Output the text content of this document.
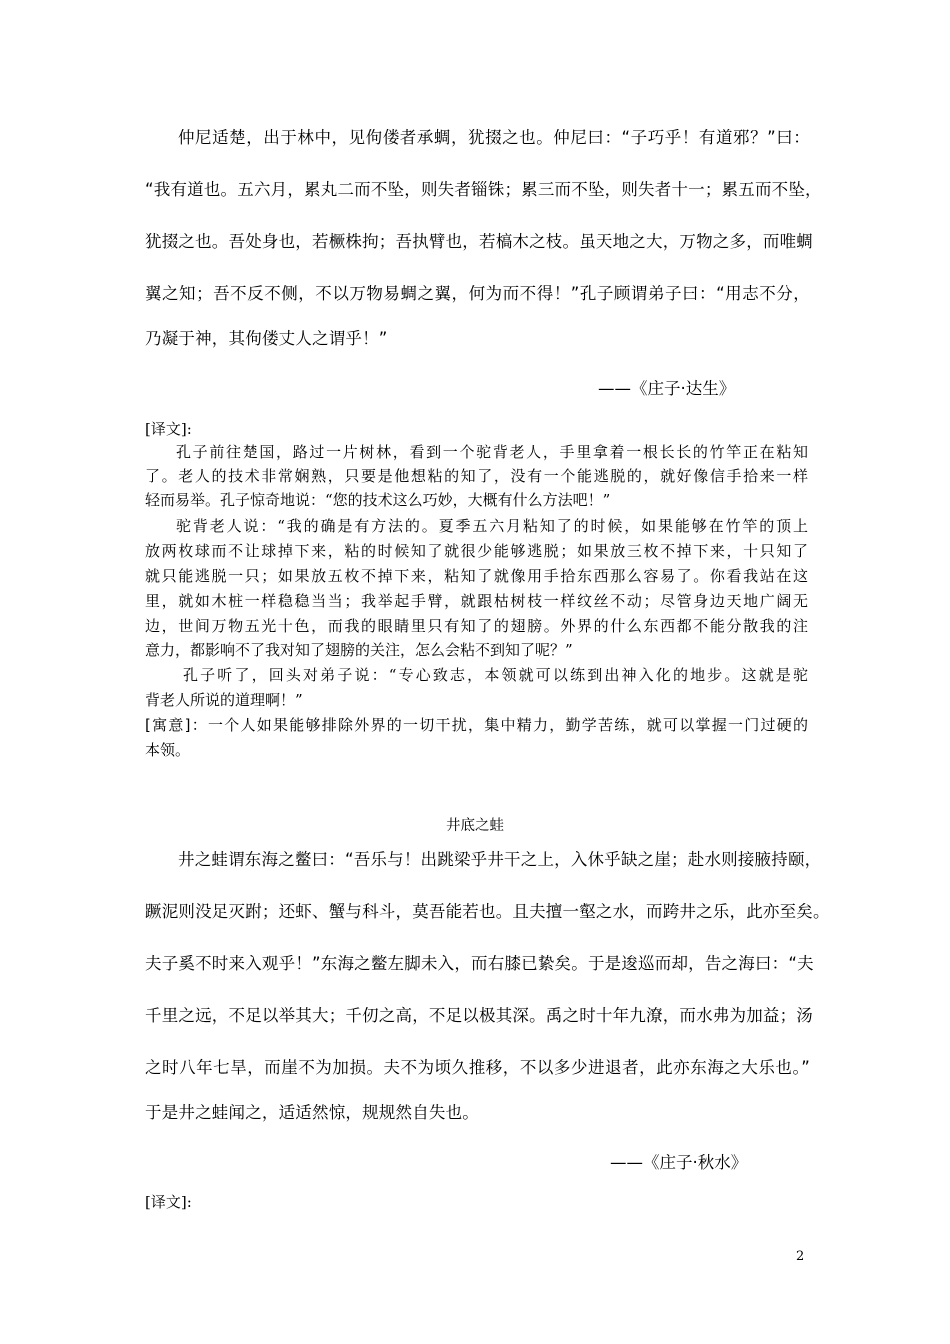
仲尼适楚，出于林中，见佝偻者承蜩，犹掇之也。仲尼曰：“子巧乎！有道邪？”曰：
“我有道也。五六月，累丸二而不坠，则失者锱铢；累三而不坠，则失者十一；累五而不坠，
犹掇之也。吾处身也，若橛株拘；吾执臂也，若槁木之枝。虽天地之大，万物之多，而唯蜩
翼之知；吾不反不侧，不以万物易蜩之翼，何为而不得！”孔子顾谓弟子曰：“用志不分，
乃凝于神，其佝偻丈人之谓乎！”
——《庄子·达生》
[译文]:
孔子前往楚国，路过一片树林，看到一个驼背老人，手里拿着一根长长的竹竿正在粘知
了。老人的技术非常娴熟，只要是他想粘的知了，没有一个能逃脱的，就好像信手拾来一样
轻而易举。孔子惊奇地说：“您的技术这么巧妙，大概有什么方法吧！”
驼背老人说：“我的确是有方法的。夏季五六月粘知了的时候，如果能够在竹竿的顶上
放两枚球而不让球掉下来，粘的时候知了就很少能够逃脱；如果放三枚不掉下来，十只知了
就只能逃脱一只；如果放五枚不掉下来，粘知了就像用手拾东西那么容易了。你看我站在这
里，就如木桩一样稳稳当当；我举起手臂，就跟枯树枝一样纹丝不动；尽管身边天地广阔无
边，世间万物五光十色，而我的眼睛里只有知了的翅膀。外界的什么东西都不能分散我的注
意力，都影响不了我对知了翅膀的关注，怎么会粘不到知了呢？”
孔子听了，回头对弟子说：“专心致志，本领就可以练到出神入化的地步。这就是驼
背老人所说的道理啊！”
[寓意]：一个人如果能够排除外界的一切干扰，集中精力，勤学苦练，就可以掌握一门过硬的
本领。
井底之蛙
井之蛙谓东海之鳖曰：“吾乐与！出跳梁乎井干之上，入休乎缺之崖；赴水则接腋持颐，
蹶泥则没足灭跗；还虾、蟹与科斗，莫吾能若也。且夫擅一壑之水，而跨井之乐，此亦至矣。
夫子奚不时来入观乎！”东海之鳖左脚未入，而右膝已絷矣。于是逡巡而却，告之海曰：“夫
千里之远，不足以举其大；千仞之高，不足以极其深。禹之时十年九潦，而水弗为加益；汤
之时八年七旱，而崖不为加损。夫不为顷久推移，不以多少进退者，此亦东海之大乐也。”
于是井之蛙闻之，适适然惊，规规然自失也。
——《庄子·秋水》
[译文]:
2
